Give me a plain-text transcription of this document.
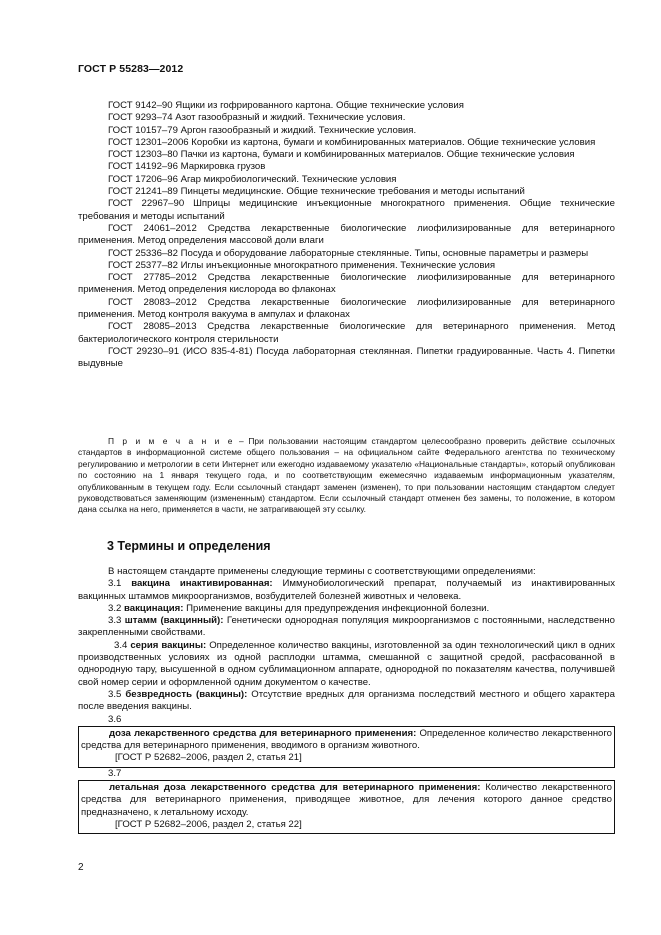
ГОСТ Р 55283—2012

ГОСТ 9142–90 Ящики из гофрированного картона. Общие технические условия

ГОСТ 9293–74 Азот газообразный и жидкий. Технические условия.

ГОСТ 10157–79 Аргон газообразный и жидкий. Технические условия.

ГОСТ 12301–2006 Коробки из картона, бумаги и комбинированных материалов. Общие технические условия

ГОСТ 12303–80 Пачки из картона, бумаги и комбинированных материалов. Общие технические условия

ГОСТ 14192–96 Маркировка грузов

ГОСТ 17206–96 Агар микробиологический. Технические условия

ГОСТ 21241–89 Пинцеты медицинские. Общие технические требования и методы испытаний

ГОСТ 22967–90 Шприцы медицинские инъекционные многократного применения. Общие технические требования и методы испытаний

ГОСТ 24061–2012 Средства лекарственные биологические лиофилизированные для ветеринарного применения. Метод определения массовой доли влаги

ГОСТ 25336–82 Посуда и оборудование лабораторные стеклянные. Типы, основные параметры и размеры

ГОСТ 25377–82 Иглы инъекционные многократного применения. Технические условия

ГОСТ 27785–2012 Средства лекарственные биологические лиофилизированные для ветеринарного применения. Метод определения кислорода во флаконах

ГОСТ 28083–2012 Средства лекарственные биологические лиофилизированные для ветеринарного применения. Метод контроля вакуума в ампулах и флаконах

ГОСТ 28085–2013 Средства лекарственные биологические для ветеринарного применения. Метод бактериологического контроля стерильности

ГОСТ 29230–91 (ИСО 835-4-81) Посуда лабораторная стеклянная. Пипетки градуированные. Часть 4. Пипетки выдувные

П р и м е ч а н и е – При пользовании настоящим стандартом целесообразно проверить действие ссылочных стандартов в информационной системе общего пользования – на официальном сайте Федерального агентства по техническому регулированию и метрологии в сети Интернет или ежегодно издаваемому указателю «Национальные стандарты», который опубликован по состоянию на 1 января текущего года, и по соответствующим ежемесячно издаваемым информационным указателям, опубликованным в текущем году. Если ссылочный стандарт заменен (изменен), то при пользовании настоящим стандартом следует руководствоваться заменяющим (измененным) стандартом. Если ссылочный стандарт отменен без замены, то положение, в котором дана ссылка на него, применяется в части, не затрагивающей эту ссылку.

3 Термины и определения

В настоящем стандарте применены следующие термины с соответствующими определениями:

3.1 вакцина инактивированная: Иммунобиологический препарат, получаемый из инактивированных вакцинных штаммов микроорганизмов, возбудителей болезней животных и человека.

3.2 вакцинация: Применение вакцины для предупреждения инфекционной болезни.

3.3 штамм (вакцинный): Генетически однородная популяция микроорганизмов с постоянными, наследственно закрепленными свойствами.

3.4 серия вакцины: Определенное количество вакцины, изготовленной за один технологический цикл в одних производственных условиях из одной расплодки штамма, смешанной с защитной средой, расфасованной в однородную тару, высушенной в одном сублимационном аппарате, однородной по показателям качества, получившей свой номер серии и оформленной одним документом о качестве.

3.5 безвредность (вакцины): Отсутствие вредных для организма последствий местного и общего характера после введения вакцины.

3.6

доза лекарственного средства для ветеринарного применения: Определенное количество лекарственного средства для ветеринарного применения, вводимого в организм животного.

[ГОСТ Р 52682–2006, раздел 2, статья 21]

3.7

летальная доза лекарственного средства для ветеринарного применения: Количество лекарственного средства для ветеринарного применения, приводящее животное, для лечения которого данное средство предназначено, к летальному исходу.

[ГОСТ Р 52682–2006, раздел 2, статья 22]

2
